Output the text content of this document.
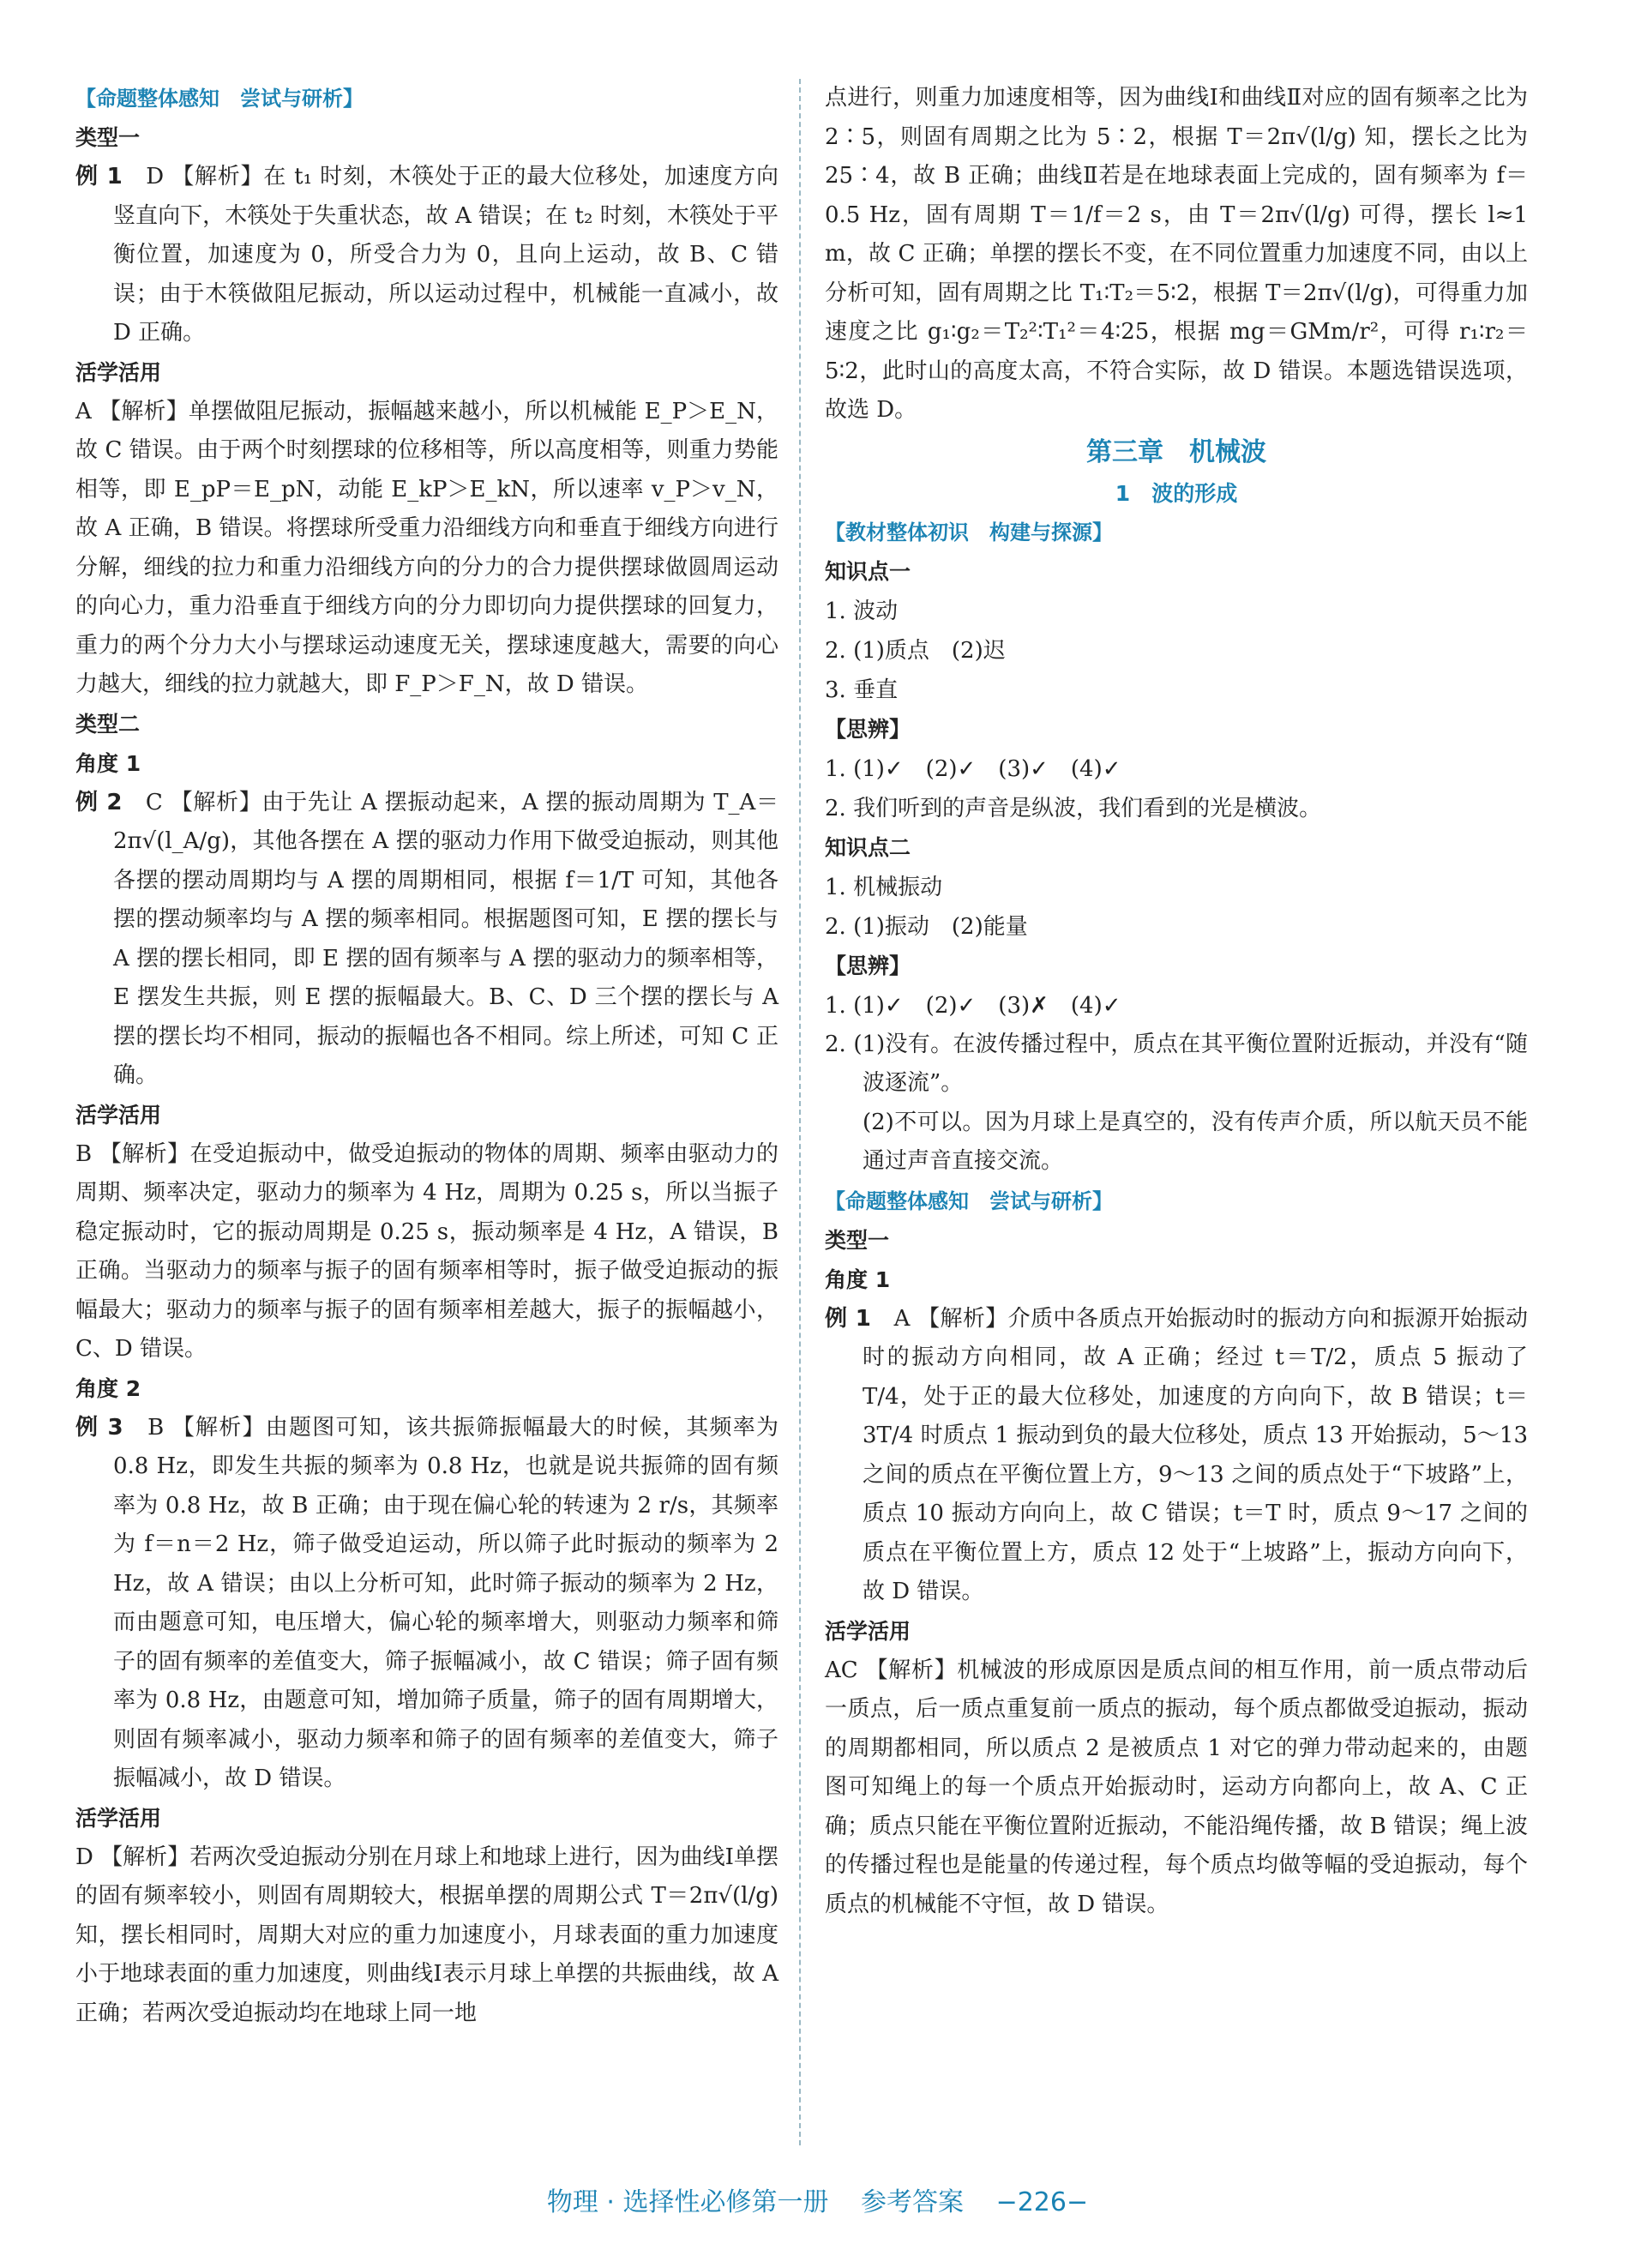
【命题整体感知　尝试与研析】
类型一

例 1　 D 【解析】在 t₁ 时刻，木筷处于正的最大位移处，加速度方向竖直向下，木筷处于失重状态，故 A 错误；在 t₂ 时刻，木筷处于平衡位置，加速度为 0，所受合力为 0，且向上运动，故 B、C 错误；由于木筷做阻尼振动，所以运动过程中，机械能一直减小，故 D 正确。

活学活用

A 【解析】单摆做阻尼振动，振幅越来越小，所以机械能 E_P＞E_N，故 C 错误。由于两个时刻摆球的位移相等，所以高度相等，则重力势能相等，即 E_pP＝E_pN，动能 E_kP＞E_kN，所以速率 v_P＞v_N，故 A 正确，B 错误。将摆球所受重力沿细线方向和垂直于细线方向进行分解，细线的拉力和重力沿细线方向的分力的合力提供摆球做圆周运动的向心力，重力沿垂直于细线方向的分力即切向力提供摆球的回复力，重力的两个分力大小与摆球运动速度无关，摆球速度越大，需要的向心力越大，细线的拉力就越大，即 F_P＞F_N，故 D 错误。

类型二
角度 1

例 2　 C 【解析】由于先让 A 摆振动起来，A 摆的振动周期为 T_A＝2π√(l_A/g)，其他各摆在 A 摆的驱动力作用下做受迫振动，则其他各摆的摆动周期均与 A 摆的周期相同，根据 f＝1/T 可知，其他各摆的摆动频率均与 A 摆的频率相同。根据题图可知，E 摆的摆长与 A 摆的摆长相同，即 E 摆的固有频率与 A 摆的驱动力的频率相等，E 摆发生共振，则 E 摆的振幅最大。B、C、D 三个摆的摆长与 A 摆的摆长均不相同，振动的振幅也各不相同。综上所述，可知 C 正确。

活学活用

B 【解析】在受迫振动中，做受迫振动的物体的周期、频率由驱动力的周期、频率决定，驱动力的频率为 4 Hz，周期为 0.25 s，所以当振子稳定振动时，它的振动周期是 0.25 s，振动频率是 4 Hz，A 错误，B 正确。当驱动力的频率与振子的固有频率相等时，振子做受迫振动的振幅最大；驱动力的频率与振子的固有频率相差越大，振子的振幅越小，C、D 错误。

角度 2

例 3　 B 【解析】由题图可知，该共振筛振幅最大的时候，其频率为 0.8 Hz，即发生共振的频率为 0.8 Hz，也就是说共振筛的固有频率为 0.8 Hz，故 B 正确；由于现在偏心轮的转速为 2 r/s，其频率为 f＝n＝2 Hz，筛子做受迫运动，所以筛子此时振动的频率为 2 Hz，故 A 错误；由以上分析可知，此时筛子振动的频率为 2 Hz，而由题意可知，电压增大，偏心轮的频率增大，则驱动力频率和筛子的固有频率的差值变大，筛子振幅减小，故 C 错误；筛子固有频率为 0.8 Hz，由题意可知，增加筛子质量，筛子的固有周期增大，则固有频率减小，驱动力频率和筛子的固有频率的差值变大，筛子振幅减小，故 D 错误。

活学活用

D 【解析】若两次受迫振动分别在月球上和地球上进行，因为曲线Ⅰ单摆的固有频率较小，则固有周期较大，根据单摆的周期公式 T＝2π√(l/g) 知，摆长相同时，周期大对应的重力加速度小，月球表面的重力加速度小于地球表面的重力加速度，则曲线Ⅰ表示月球上单摆的共振曲线，故 A 正确；若两次受迫振动均在地球上同一地

点进行，则重力加速度相等，因为曲线Ⅰ和曲线Ⅱ对应的固有频率之比为 2∶5，则固有周期之比为 5∶2，根据 T＝2π√(l/g) 知，摆长之比为 25∶4，故 B 正确；曲线Ⅱ若是在地球表面上完成的，固有频率为 f＝0.5 Hz，固有周期 T＝1/f＝2 s，由 T＝2π√(l/g) 可得，摆长 l≈1 m，故 C 正确；单摆的摆长不变，在不同位置重力加速度不同，由以上分析可知，固有周期之比 T₁∶T₂＝5∶2，根据 T＝2π√(l/g)，可得重力加速度之比 g₁∶g₂＝T₂²∶T₁²＝4∶25，根据 mg＝GMm/r²，可得 r₁∶r₂＝5∶2，此时山的高度太高，不符合实际，故 D 错误。本题选错误选项，故选 D。

第三章　机械波
1　波的形成
【教材整体初识　构建与探源】
知识点一
1. 波动
2. (1)质点　(2)迟
3. 垂直
【思辨】
1. (1)✓　(2)✓　(3)✓　(4)✓
2. 我们听到的声音是纵波，我们看到的光是横波。
知识点二
1. 机械振动
2. (1)振动　(2)能量
【思辨】
1. (1)✓　(2)✓　(3)✗　(4)✓

2. (1)没有。在波传播过程中，质点在其平衡位置附近振动，并没有“随波逐流”。

(2)不可以。因为月球上是真空的，没有传声介质，所以航天员不能通过声音直接交流。

【命题整体感知　尝试与研析】
类型一
角度 1

例 1　 A 【解析】介质中各质点开始振动时的振动方向和振源开始振动时的振动方向相同，故 A 正确；经过 t＝T/2，质点 5 振动了 T/4，处于正的最大位移处，加速度的方向向下，故 B 错误；t＝3T/4 时质点 1 振动到负的最大位移处，质点 13 开始振动，5～13 之间的质点在平衡位置上方，9～13 之间的质点处于“下坡路”上，质点 10 振动方向向上，故 C 错误；t＝T 时，质点 9～17 之间的质点在平衡位置上方，质点 12 处于“上坡路”上，振动方向向下，故 D 错误。

活学活用

AC 【解析】机械波的形成原因是质点间的相互作用，前一质点带动后一质点，后一质点重复前一质点的振动，每个质点都做受迫振动，振动的周期都相同，所以质点 2 是被质点 1 对它的弹力带动起来的，由题图可知绳上的每一个质点开始振动时，运动方向都向上，故 A、C 正确；质点只能在平衡位置附近振动，不能沿绳传播，故 B 错误；绳上波的传播过程也是能量的传递过程，每个质点均做等幅的受迫振动，每个质点的机械能不守恒，故 D 错误。

物理 · 选择性必修第一册 参考答案 −226−
